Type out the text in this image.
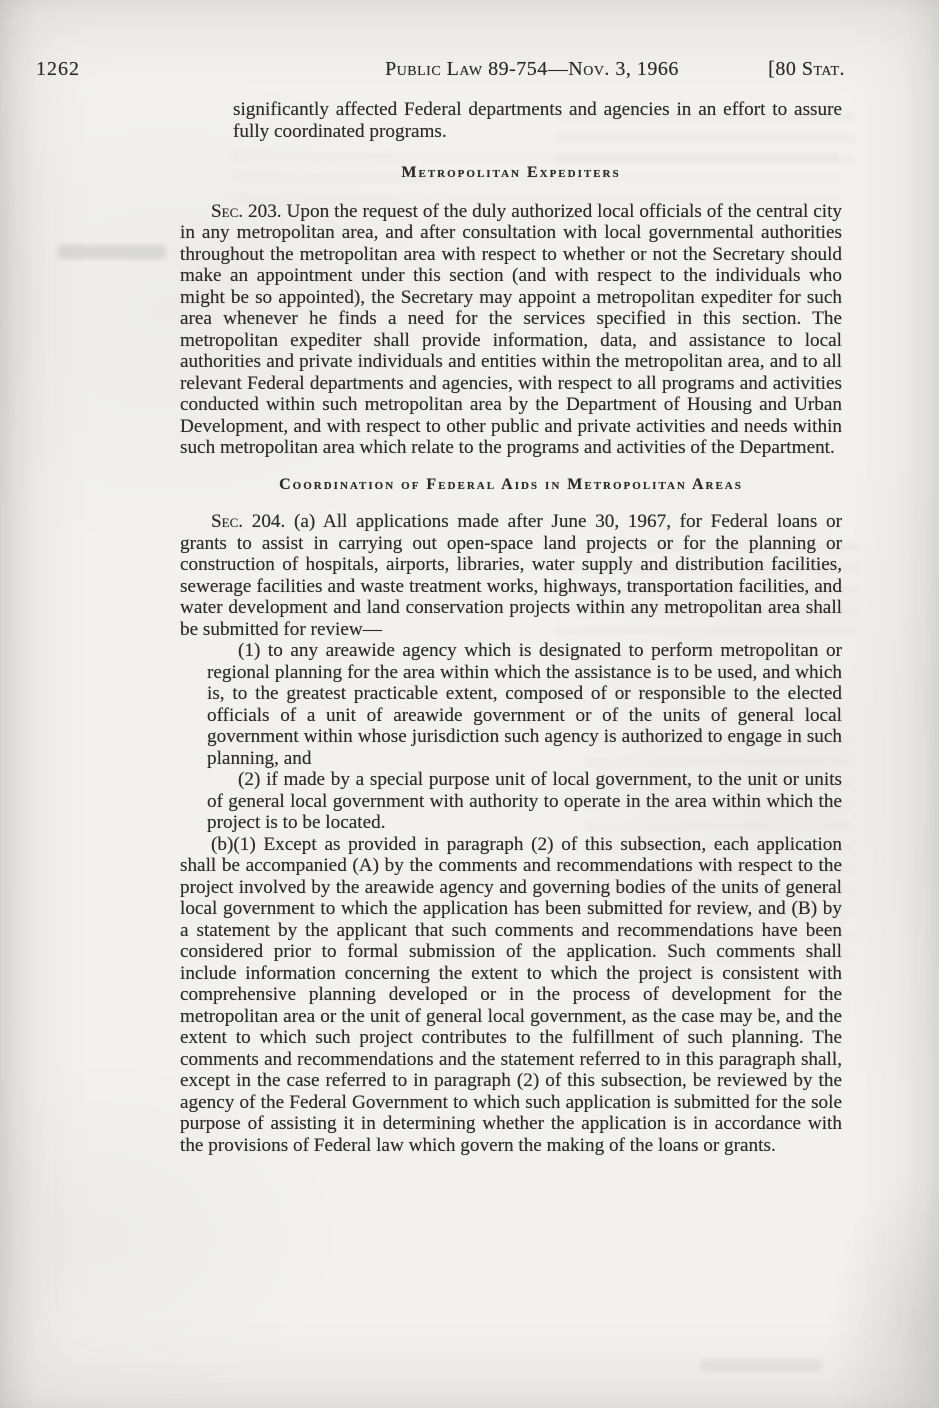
1262	Public Law 89-754—Nov. 3, 1966	[80 Stat.

significantly affected Federal departments and agencies in an effort to assure fully coordinated programs.

Metropolitan Expediters

Sec. 203. Upon the request of the duly authorized local officials of the central city in any metropolitan area, and after consultation with local governmental authorities throughout the metropolitan area with respect to whether or not the Secretary should make an appointment under this section (and with respect to the individuals who might be so appointed), the Secretary may appoint a metropolitan expediter for such area whenever he finds a need for the services specified in this section. The metropolitan expediter shall provide information, data, and assistance to local authorities and private individuals and entities within the metropolitan area, and to all relevant Federal departments and agencies, with respect to all programs and activities conducted within such metropolitan area by the Department of Housing and Urban Development, and with respect to other public and private activities and needs within such metropolitan area which relate to the programs and activities of the Department.

Coordination of Federal Aids in Metropolitan Areas

Sec. 204. (a) All applications made after June 30, 1967, for Federal loans or grants to assist in carrying out open-space land projects or for the planning or construction of hospitals, airports, libraries, water supply and distribution facilities, sewerage facilities and waste treatment works, highways, transportation facilities, and water development and land conservation projects within any metropolitan area shall be submitted for review—

(1) to any areawide agency which is designated to perform metropolitan or regional planning for the area within which the assistance is to be used, and which is, to the greatest practicable extent, composed of or responsible to the elected officials of a unit of areawide government or of the units of general local government within whose jurisdiction such agency is authorized to engage in such planning, and

(2) if made by a special purpose unit of local government, to the unit or units of general local government with authority to operate in the area within which the project is to be located.

(b)(1) Except as provided in paragraph (2) of this subsection, each application shall be accompanied (A) by the comments and recommendations with respect to the project involved by the areawide agency and governing bodies of the units of general local government to which the application has been submitted for review, and (B) by a statement by the applicant that such comments and recommendations have been considered prior to formal submission of the application. Such comments shall include information concerning the extent to which the project is consistent with comprehensive planning developed or in the process of development for the metropolitan area or the unit of general local government, as the case may be, and the extent to which such project contributes to the fulfillment of such planning. The comments and recommendations and the statement referred to in this paragraph shall, except in the case referred to in paragraph (2) of this subsection, be reviewed by the agency of the Federal Government to which such application is submitted for the sole purpose of assisting it in determining whether the application is in accordance with the provisions of Federal law which govern the making of the loans or grants.
